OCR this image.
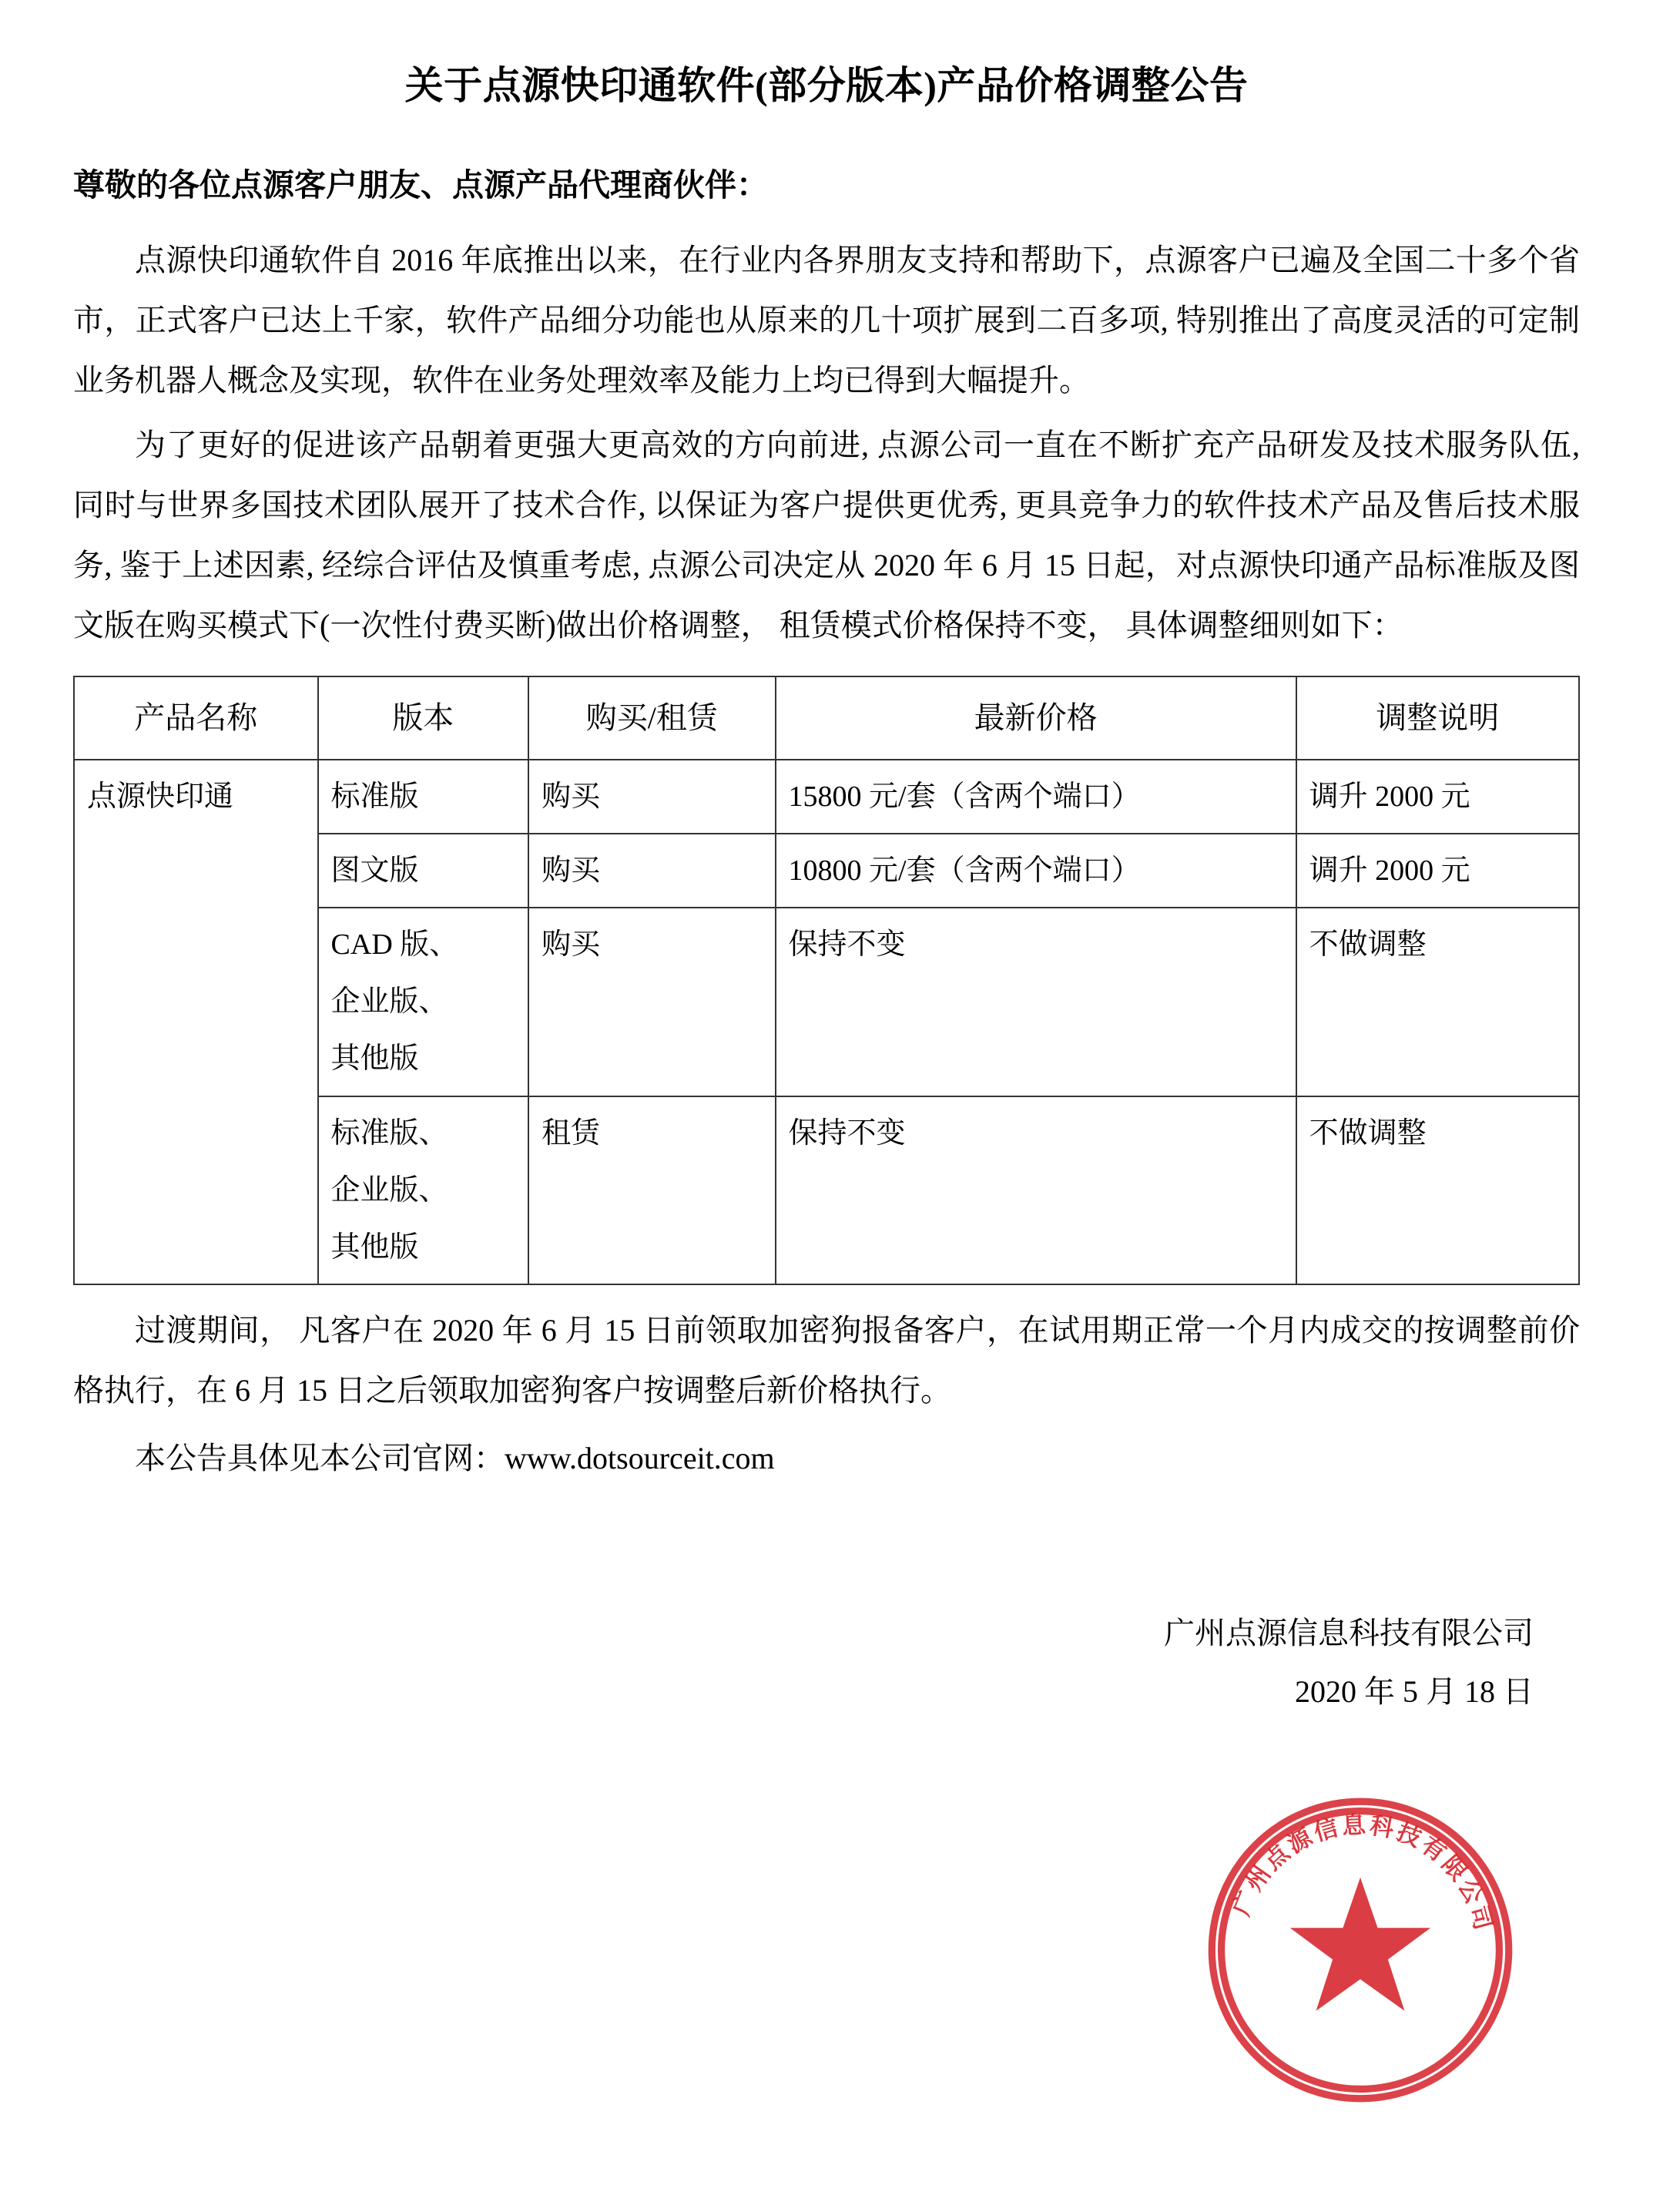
关于点源快印通软件(部分版本)产品价格调整公告

尊敬的各位点源客户朋友、点源产品代理商伙伴：

点源快印通软件自 2016 年底推出以来，在行业内各界朋友支持和帮助下，点源客户已遍及全国二十多个省市，正式客户已达上千家，软件产品细分功能也从原来的几十项扩展到二百多项, 特别推出了高度灵活的可定制业务机器人概念及实现，软件在业务处理效率及能力上均已得到大幅提升。

为了更好的促进该产品朝着更强大更高效的方向前进, 点源公司一直在不断扩充产品研发及技术服务队伍, 同时与世界多国技术团队展开了技术合作, 以保证为客户提供更优秀, 更具竞争力的软件技术产品及售后技术服务, 鉴于上述因素, 经综合评估及慎重考虑, 点源公司决定从 2020 年 6 月 15 日起，对点源快印通产品标准版及图文版在购买模式下(一次性付费买断)做出价格调整， 租赁模式价格保持不变， 具体调整细则如下：

产品名称	版本	购买/租赁	最新价格	调整说明
点源快印通	标准版	购买	15800 元/套（含两个端口）	调升 2000 元
	图文版	购买	10800 元/套（含两个端口）	调升 2000 元

	CAD 版、
企业版、
其他版	购买	保持不变	不做调整

	标准版、
企业版、
其他版	租赁	保持不变	不做调整

过渡期间， 凡客户在 2020 年 6 月 15 日前领取加密狗报备客户，在试用期正常一个月内成交的按调整前价格执行，在 6 月 15 日之后领取加密狗客户按调整后新价格执行。

本公告具体见本公司官网：www.dotsourceit.com

广州点源信息科技有限公司
2020 年 5 月 18 日
广
州
点
源
信 息 科
技
有
限
公
司
